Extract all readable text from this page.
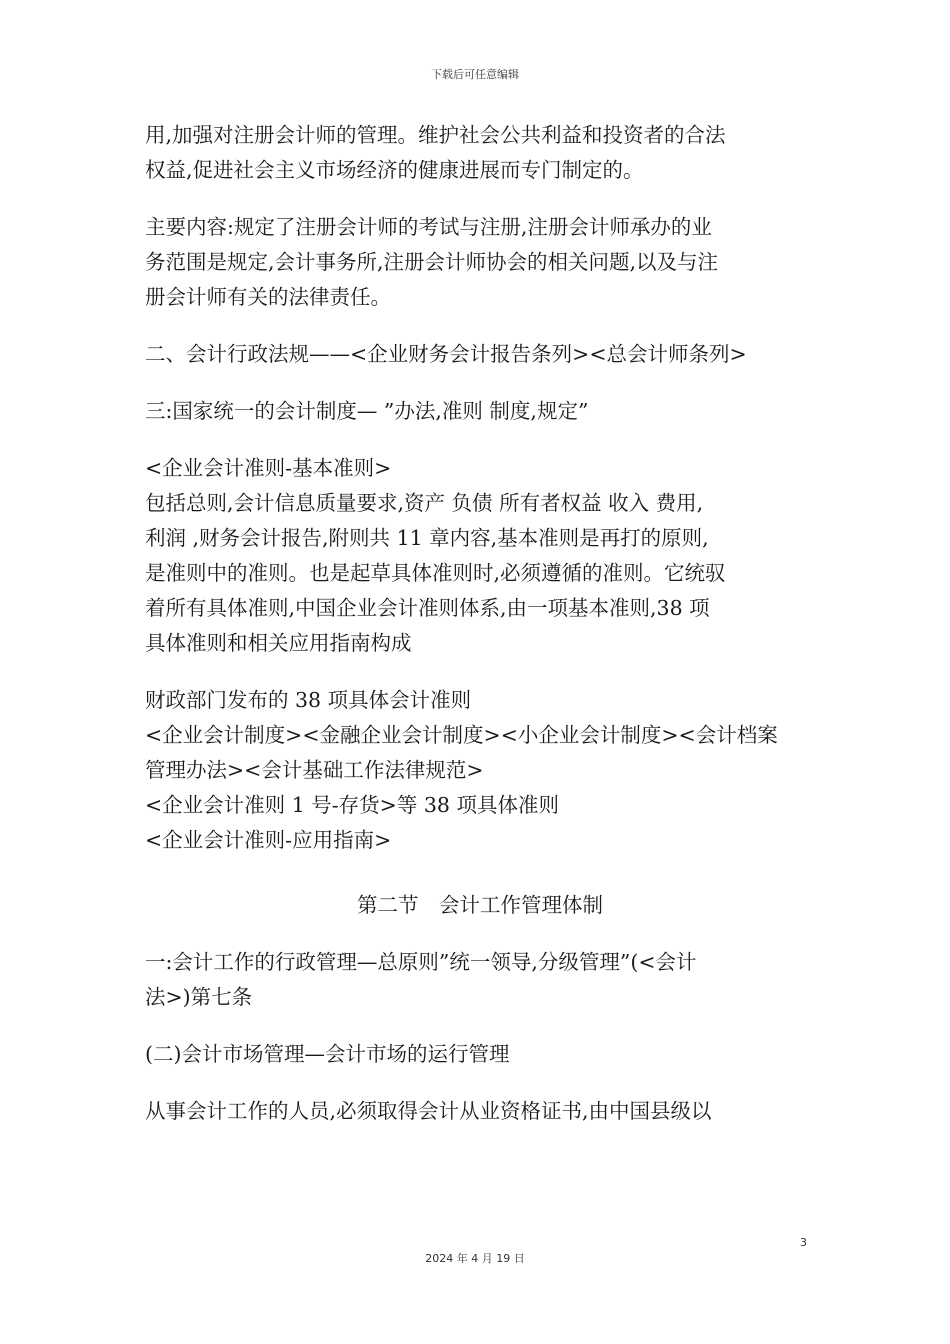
下载后可任意编辑
用,加强对注册会计师的管理。维护社会公共利益和投资者的合法
权益,促进社会主义市场经济的健康进展而专门制定的。
主要内容:规定了注册会计师的考试与注册,注册会计师承办的业
务范围是规定,会计事务所,注册会计师协会的相关问题,以及与注
册会计师有关的法律责任。
二、会计行政法规——<企业财务会计报告条列><总会计师条列>
三:国家统一的会计制度— ”办法,准则 制度,规定”
<企业会计准则-基本准则>
包括总则,会计信息质量要求,资产 负债 所有者权益 收入 费用,
利润 ,财务会计报告,附则共 11 章内容,基本准则是再打的原则,
是准则中的准则。也是起草具体准则时,必须遵循的准则。它统驭
着所有具体准则,中国企业会计准则体系,由一项基本准则,38 项
具体准则和相关应用指南构成
财政部门发布的 38 项具体会计准则
<企业会计制度><金融企业会计制度><小企业会计制度><会计档案
管理办法><会计基础工作法律规范>
<企业会计准则 1 号-存货>等 38 项具体准则
<企业会计准则-应用指南>
第二节　会计工作管理体制
一:会计工作的行政管理—总原则”统一领导,分级管理”(<会计
法>)第七条
(二)会计市场管理—会计市场的运行管理
从事会计工作的人员,必须取得会计从业资格证书,由中国县级以
3
2024 年 4 月 19 日
